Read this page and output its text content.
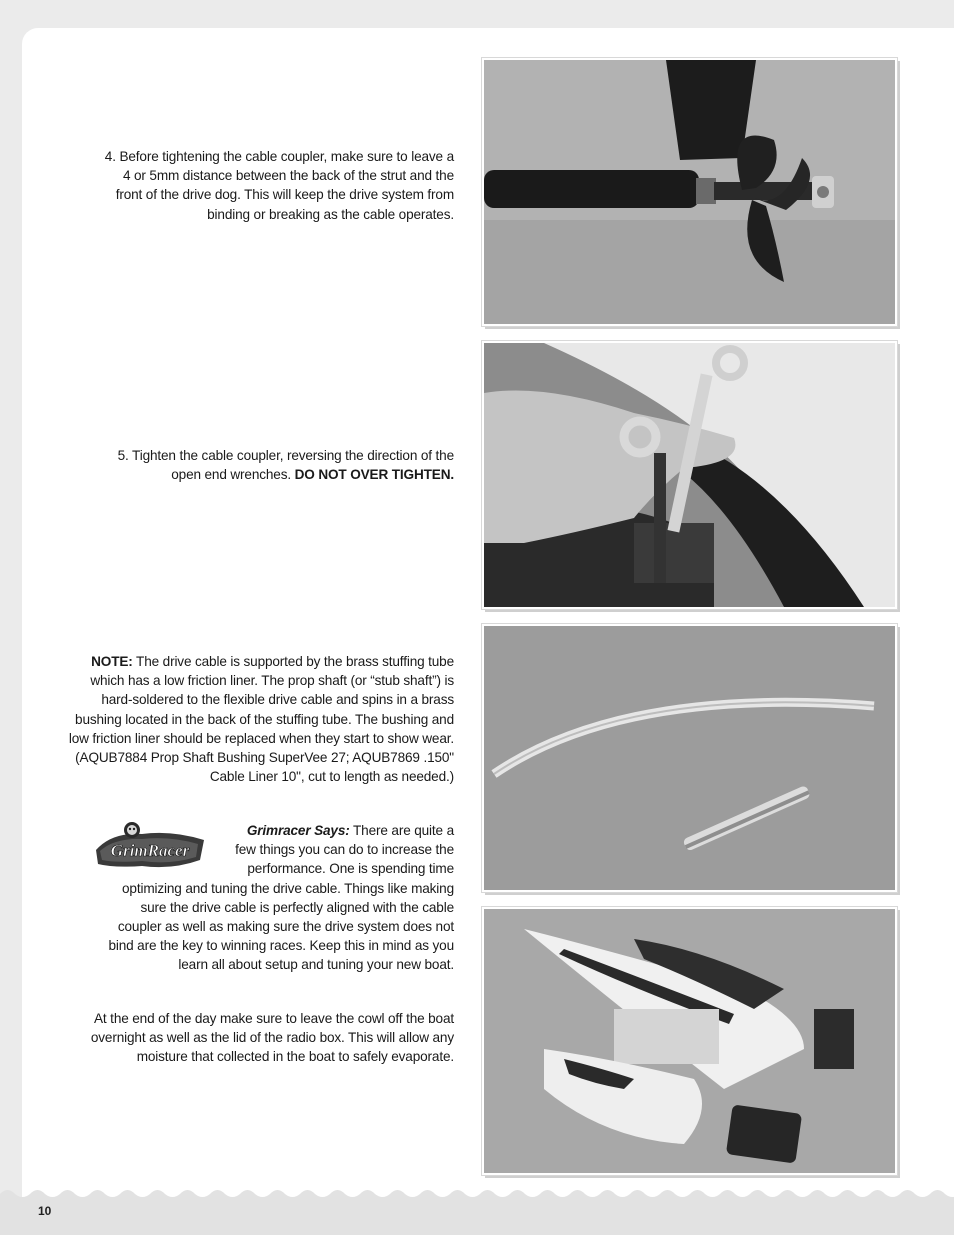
4. Before tightening the cable coupler, make sure to leave a 4 or 5mm distance between the back of the strut and the front of the drive dog. This will keep the drive system from binding or breaking as the cable operates.
5. Tighten the cable coupler, reversing the direction of the open end wrenches. DO NOT OVER TIGHTEN.
NOTE: The drive cable is supported by the brass stuffing tube which has a low friction liner. The prop shaft (or “stub shaft”) is hard-soldered to the flexible drive cable and spins in a brass bushing located in the back of the stuffing tube. The bushing and low friction liner should be replaced when they start to show wear. (AQUB7884 Prop Shaft Bushing SuperVee 27; AQUB7869 .150" Cable Liner 10", cut to length as needed.)
GrimRacer
Grimracer Says: There are quite a few things you can do to increase the performance. One is spending time optimizing and tuning the drive cable. Things like making sure the drive cable is perfectly aligned with the cable coupler as well as making sure the drive system does not bind are the key to winning races. Keep this in mind as you learn all about setup and tuning your new boat.
At the end of the day make sure to leave the cowl off the boat overnight as well as the lid of the radio box. This will allow any moisture that collected in the boat to safely evaporate.
10
